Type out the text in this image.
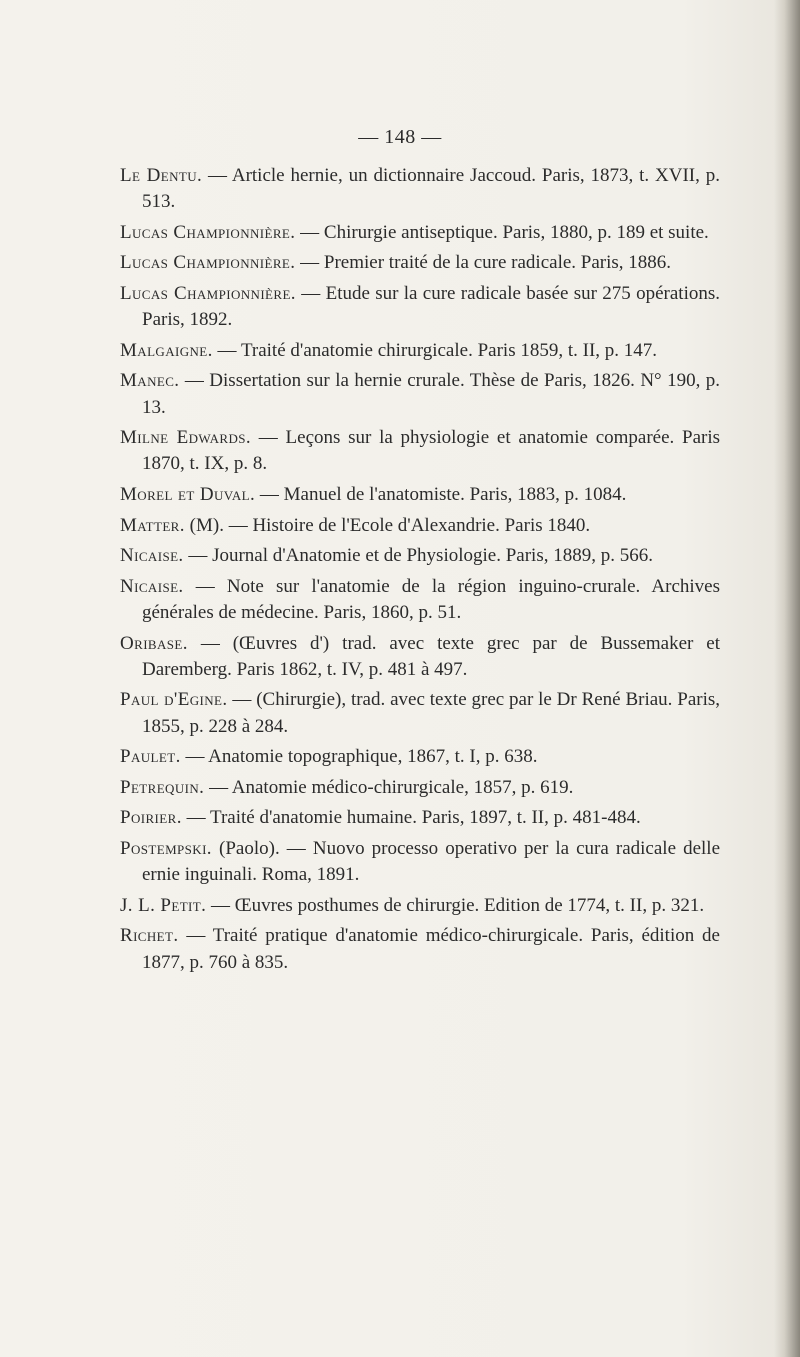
— 148 —

Le Dentu. — Article hernie, un dictionnaire Jaccoud. Paris, 1873, t. XVII, p. 513.

Lucas Championnière. — Chirurgie antiseptique. Paris, 1880, p. 189 et suite.

Lucas Championnière. — Premier traité de la cure radicale. Paris, 1886.

Lucas Championnière. — Etude sur la cure radicale basée sur 275 opérations. Paris, 1892.

Malgaigne. — Traité d'anatomie chirurgicale. Paris 1859, t. II, p. 147.

Manec. — Dissertation sur la hernie crurale. Thèse de Paris, 1826. N° 190, p. 13.

Milne Edwards. — Leçons sur la physiologie et anatomie comparée. Paris 1870, t. IX, p. 8.

Morel et Duval. — Manuel de l'anatomiste. Paris, 1883, p. 1084.

Matter. (M). — Histoire de l'Ecole d'Alexandrie. Paris 1840.

Nicaise. — Journal d'Anatomie et de Physiologie. Paris, 1889, p. 566.

Nicaise. — Note sur l'anatomie de la région inguino-crurale. Archives générales de médecine. Paris, 1860, p. 51.

Oribase. — (Œuvres d') trad. avec texte grec par de Bussemaker et Daremberg. Paris 1862, t. IV, p. 481 à 497.

Paul d'Egine. — (Chirurgie), trad. avec texte grec par le Dr René Briau. Paris, 1855, p. 228 à 284.

Paulet. — Anatomie topographique, 1867, t. I, p. 638.

Petrequin. — Anatomie médico-chirurgicale, 1857, p. 619.

Poirier. — Traité d'anatomie humaine. Paris, 1897, t. II, p. 481-484.

Postempski. (Paolo). — Nuovo processo operativo per la cura radicale delle ernie inguinali. Roma, 1891.

J. L. Petit. — Œuvres posthumes de chirurgie. Edition de 1774, t. II, p. 321.

Richet. — Traité pratique d'anatomie médico-chirurgicale. Paris, édition de 1877, p. 760 à 835.
